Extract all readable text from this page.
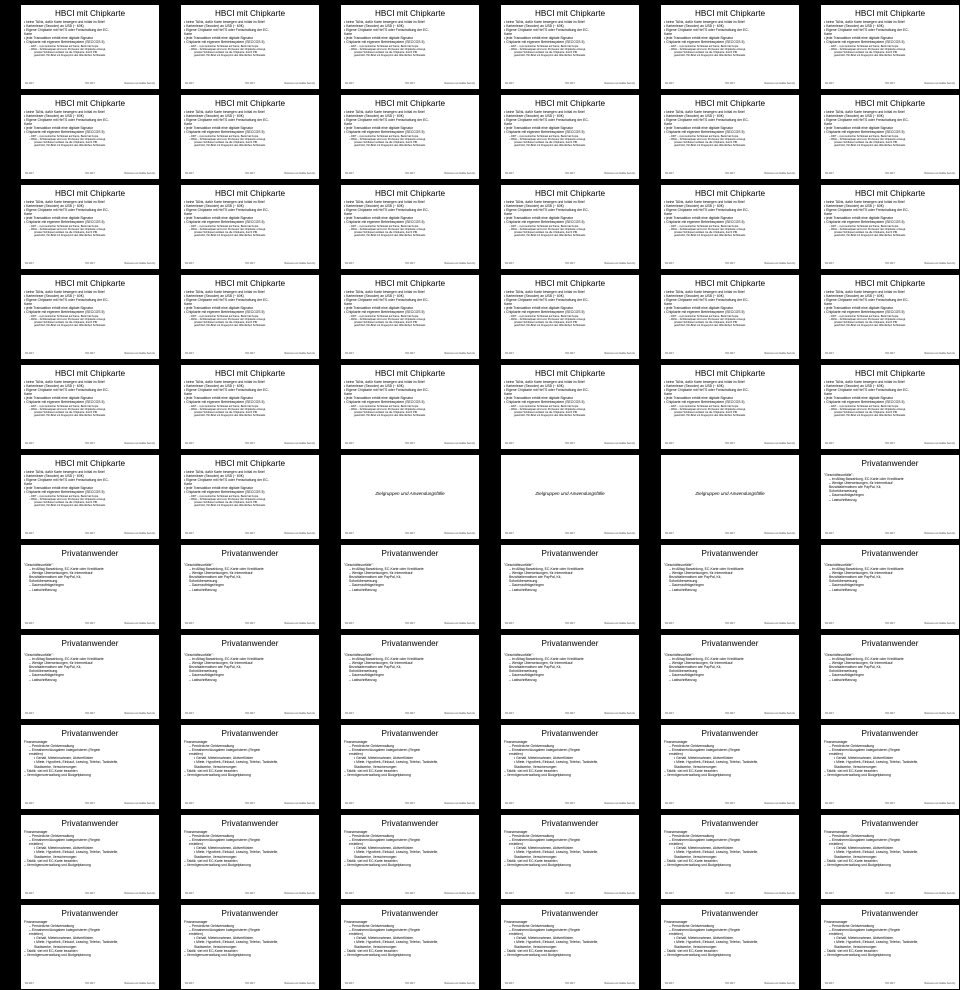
HBCI mit Chipkarte
• keine TANs, dafür Karte bewegen und Initial im Brief
• Kartenleser (Secoder) an USB (~ 60€)
• Eigene Chipkarte mit HeTS oder Freischaltung der EC-
Karte
• jede Transaktion erhält eine digitale Signatur
• Chipkarte mit eigenem Betriebssystem (SECCOS 5)
– DDT – symmetrischer Schlüssel auf Karte, Bank hat Kopie
– RDH – Schlüsselpaar wird vom Prozessor der Chipkarte erzeugt,
privater Schlüssel verlässt nie die Chipkarte, durch PIN
geschützt, INI-Brief mit Fingerprint des öffentlichen Schlüssels
SS 2017	HCI 2017	Business und Usable Security
HBCI mit Chipkarte
• keine TANs, dafür Karte bewegen und Initial im Brief
• Kartenleser (Secoder) an USB (~ 60€)
• Eigene Chipkarte mit HeTS oder Freischaltung der EC-
Karte
• jede Transaktion erhält eine digitale Signatur
• Chipkarte mit eigenem Betriebssystem (SECCOS 5)
– DDT – symmetrischer Schlüssel auf Karte, Bank hat Kopie
– RDH – Schlüsselpaar wird vom Prozessor der Chipkarte erzeugt,
privater Schlüssel verlässt nie die Chipkarte, durch PIN
geschützt, INI-Brief mit Fingerprint des öffentlichen Schlüssels
SS 2017	HCI 2017	Business und Usable Security
HBCI mit Chipkarte
• keine TANs, dafür Karte bewegen und Initial im Brief
• Kartenleser (Secoder) an USB (~ 60€)
• Eigene Chipkarte mit HeTS oder Freischaltung der EC-
Karte
• jede Transaktion erhält eine digitale Signatur
• Chipkarte mit eigenem Betriebssystem (SECCOS 5)
– DDT – symmetrischer Schlüssel auf Karte, Bank hat Kopie
– RDH – Schlüsselpaar wird vom Prozessor der Chipkarte erzeugt,
privater Schlüssel verlässt nie die Chipkarte, durch PIN
geschützt, INI-Brief mit Fingerprint des öffentlichen Schlüssels
SS 2017	HCI 2017	Business und Usable Security
HBCI mit Chipkarte
• keine TANs, dafür Karte bewegen und Initial im Brief
• Kartenleser (Secoder) an USB (~ 60€)
• Eigene Chipkarte mit HeTS oder Freischaltung der EC-
Karte
• jede Transaktion erhält eine digitale Signatur
• Chipkarte mit eigenem Betriebssystem (SECCOS 5)
– DDT – symmetrischer Schlüssel auf Karte, Bank hat Kopie
– RDH – Schlüsselpaar wird vom Prozessor der Chipkarte erzeugt,
privater Schlüssel verlässt nie die Chipkarte, durch PIN
geschützt, INI-Brief mit Fingerprint des öffentlichen Schlüssels
SS 2017	HCI 2017	Business und Usable Security
HBCI mit Chipkarte
• keine TANs, dafür Karte bewegen und Initial im Brief
• Kartenleser (Secoder) an USB (~ 60€)
• Eigene Chipkarte mit HeTS oder Freischaltung der EC-
Karte
• jede Transaktion erhält eine digitale Signatur
• Chipkarte mit eigenem Betriebssystem (SECCOS 5)
– DDT – symmetrischer Schlüssel auf Karte, Bank hat Kopie
– RDH – Schlüsselpaar wird vom Prozessor der Chipkarte erzeugt,
privater Schlüssel verlässt nie die Chipkarte, durch PIN
geschützt, INI-Brief mit Fingerprint des öffentlichen Schlüssels
SS 2017	HCI 2017	Business und Usable Security
HBCI mit Chipkarte
• keine TANs, dafür Karte bewegen und Initial im Brief
• Kartenleser (Secoder) an USB (~ 60€)
• Eigene Chipkarte mit HeTS oder Freischaltung der EC-
Karte
• jede Transaktion erhält eine digitale Signatur
• Chipkarte mit eigenem Betriebssystem (SECCOS 5)
– DDT – symmetrischer Schlüssel auf Karte, Bank hat Kopie
– RDH – Schlüsselpaar wird vom Prozessor der Chipkarte erzeugt,
privater Schlüssel verlässt nie die Chipkarte, durch PIN
geschützt, INI-Brief mit Fingerprint des öffentlichen Schlüssels
SS 2017	HCI 2017	Business und Usable Security
HBCI mit Chipkarte
• keine TANs, dafür Karte bewegen und Initial im Brief
• Kartenleser (Secoder) an USB (~ 60€)
• Eigene Chipkarte mit HeTS oder Freischaltung der EC-
Karte
• jede Transaktion erhält eine digitale Signatur
• Chipkarte mit eigenem Betriebssystem (SECCOS 5)
– DDT – symmetrischer Schlüssel auf Karte, Bank hat Kopie
– RDH – Schlüsselpaar wird vom Prozessor der Chipkarte erzeugt,
privater Schlüssel verlässt nie die Chipkarte, durch PIN
geschützt, INI-Brief mit Fingerprint des öffentlichen Schlüssels
SS 2017	HCI 2017	Business und Usable Security
HBCI mit Chipkarte
• keine TANs, dafür Karte bewegen und Initial im Brief
• Kartenleser (Secoder) an USB (~ 60€)
• Eigene Chipkarte mit HeTS oder Freischaltung der EC-
Karte
• jede Transaktion erhält eine digitale Signatur
• Chipkarte mit eigenem Betriebssystem (SECCOS 5)
– DDT – symmetrischer Schlüssel auf Karte, Bank hat Kopie
– RDH – Schlüsselpaar wird vom Prozessor der Chipkarte erzeugt,
privater Schlüssel verlässt nie die Chipkarte, durch PIN
geschützt, INI-Brief mit Fingerprint des öffentlichen Schlüssels
SS 2017	HCI 2017	Business und Usable Security
HBCI mit Chipkarte
• keine TANs, dafür Karte bewegen und Initial im Brief
• Kartenleser (Secoder) an USB (~ 60€)
• Eigene Chipkarte mit HeTS oder Freischaltung der EC-
Karte
• jede Transaktion erhält eine digitale Signatur
• Chipkarte mit eigenem Betriebssystem (SECCOS 5)
– DDT – symmetrischer Schlüssel auf Karte, Bank hat Kopie
– RDH – Schlüsselpaar wird vom Prozessor der Chipkarte erzeugt,
privater Schlüssel verlässt nie die Chipkarte, durch PIN
geschützt, INI-Brief mit Fingerprint des öffentlichen Schlüssels
SS 2017	HCI 2017	Business und Usable Security
HBCI mit Chipkarte
• keine TANs, dafür Karte bewegen und Initial im Brief
• Kartenleser (Secoder) an USB (~ 60€)
• Eigene Chipkarte mit HeTS oder Freischaltung der EC-
Karte
• jede Transaktion erhält eine digitale Signatur
• Chipkarte mit eigenem Betriebssystem (SECCOS 5)
– DDT – symmetrischer Schlüssel auf Karte, Bank hat Kopie
– RDH – Schlüsselpaar wird vom Prozessor der Chipkarte erzeugt,
privater Schlüssel verlässt nie die Chipkarte, durch PIN
geschützt, INI-Brief mit Fingerprint des öffentlichen Schlüssels
SS 2017	HCI 2017	Business und Usable Security
HBCI mit Chipkarte
• keine TANs, dafür Karte bewegen und Initial im Brief
• Kartenleser (Secoder) an USB (~ 60€)
• Eigene Chipkarte mit HeTS oder Freischaltung der EC-
Karte
• jede Transaktion erhält eine digitale Signatur
• Chipkarte mit eigenem Betriebssystem (SECCOS 5)
– DDT – symmetrischer Schlüssel auf Karte, Bank hat Kopie
– RDH – Schlüsselpaar wird vom Prozessor der Chipkarte erzeugt,
privater Schlüssel verlässt nie die Chipkarte, durch PIN
geschützt, INI-Brief mit Fingerprint des öffentlichen Schlüssels
SS 2017	HCI 2017	Business und Usable Security
HBCI mit Chipkarte
• keine TANs, dafür Karte bewegen und Initial im Brief
• Kartenleser (Secoder) an USB (~ 60€)
• Eigene Chipkarte mit HeTS oder Freischaltung der EC-
Karte
• jede Transaktion erhält eine digitale Signatur
• Chipkarte mit eigenem Betriebssystem (SECCOS 5)
– DDT – symmetrischer Schlüssel auf Karte, Bank hat Kopie
– RDH – Schlüsselpaar wird vom Prozessor der Chipkarte erzeugt,
privater Schlüssel verlässt nie die Chipkarte, durch PIN
geschützt, INI-Brief mit Fingerprint des öffentlichen Schlüssels
SS 2017	HCI 2017	Business und Usable Security
HBCI mit Chipkarte
• keine TANs, dafür Karte bewegen und Initial im Brief
• Kartenleser (Secoder) an USB (~ 60€)
• Eigene Chipkarte mit HeTS oder Freischaltung der EC-
Karte
• jede Transaktion erhält eine digitale Signatur
• Chipkarte mit eigenem Betriebssystem (SECCOS 5)
– DDT – symmetrischer Schlüssel auf Karte, Bank hat Kopie
– RDH – Schlüsselpaar wird vom Prozessor der Chipkarte erzeugt,
privater Schlüssel verlässt nie die Chipkarte, durch PIN
geschützt, INI-Brief mit Fingerprint des öffentlichen Schlüssels
SS 2017	HCI 2017	Business und Usable Security
HBCI mit Chipkarte
• keine TANs, dafür Karte bewegen und Initial im Brief
• Kartenleser (Secoder) an USB (~ 60€)
• Eigene Chipkarte mit HeTS oder Freischaltung der EC-
Karte
• jede Transaktion erhält eine digitale Signatur
• Chipkarte mit eigenem Betriebssystem (SECCOS 5)
– DDT – symmetrischer Schlüssel auf Karte, Bank hat Kopie
– RDH – Schlüsselpaar wird vom Prozessor der Chipkarte erzeugt,
privater Schlüssel verlässt nie die Chipkarte, durch PIN
geschützt, INI-Brief mit Fingerprint des öffentlichen Schlüssels
SS 2017	HCI 2017	Business und Usable Security
HBCI mit Chipkarte
• keine TANs, dafür Karte bewegen und Initial im Brief
• Kartenleser (Secoder) an USB (~ 60€)
• Eigene Chipkarte mit HeTS oder Freischaltung der EC-
Karte
• jede Transaktion erhält eine digitale Signatur
• Chipkarte mit eigenem Betriebssystem (SECCOS 5)
– DDT – symmetrischer Schlüssel auf Karte, Bank hat Kopie
– RDH – Schlüsselpaar wird vom Prozessor der Chipkarte erzeugt,
privater Schlüssel verlässt nie die Chipkarte, durch PIN
geschützt, INI-Brief mit Fingerprint des öffentlichen Schlüssels
SS 2017	HCI 2017	Business und Usable Security
HBCI mit Chipkarte
• keine TANs, dafür Karte bewegen und Initial im Brief
• Kartenleser (Secoder) an USB (~ 60€)
• Eigene Chipkarte mit HeTS oder Freischaltung der EC-
Karte
• jede Transaktion erhält eine digitale Signatur
• Chipkarte mit eigenem Betriebssystem (SECCOS 5)
– DDT – symmetrischer Schlüssel auf Karte, Bank hat Kopie
– RDH – Schlüsselpaar wird vom Prozessor der Chipkarte erzeugt,
privater Schlüssel verlässt nie die Chipkarte, durch PIN
geschützt, INI-Brief mit Fingerprint des öffentlichen Schlüssels
SS 2017	HCI 2017	Business und Usable Security
HBCI mit Chipkarte
• keine TANs, dafür Karte bewegen und Initial im Brief
• Kartenleser (Secoder) an USB (~ 60€)
• Eigene Chipkarte mit HeTS oder Freischaltung der EC-
Karte
• jede Transaktion erhält eine digitale Signatur
• Chipkarte mit eigenem Betriebssystem (SECCOS 5)
– DDT – symmetrischer Schlüssel auf Karte, Bank hat Kopie
– RDH – Schlüsselpaar wird vom Prozessor der Chipkarte erzeugt,
privater Schlüssel verlässt nie die Chipkarte, durch PIN
geschützt, INI-Brief mit Fingerprint des öffentlichen Schlüssels
SS 2017	HCI 2017	Business und Usable Security
HBCI mit Chipkarte
• keine TANs, dafür Karte bewegen und Initial im Brief
• Kartenleser (Secoder) an USB (~ 60€)
• Eigene Chipkarte mit HeTS oder Freischaltung der EC-
Karte
• jede Transaktion erhält eine digitale Signatur
• Chipkarte mit eigenem Betriebssystem (SECCOS 5)
– DDT – symmetrischer Schlüssel auf Karte, Bank hat Kopie
– RDH – Schlüsselpaar wird vom Prozessor der Chipkarte erzeugt,
privater Schlüssel verlässt nie die Chipkarte, durch PIN
geschützt, INI-Brief mit Fingerprint des öffentlichen Schlüssels
SS 2017	HCI 2017	Business und Usable Security
HBCI mit Chipkarte
• keine TANs, dafür Karte bewegen und Initial im Brief
• Kartenleser (Secoder) an USB (~ 60€)
• Eigene Chipkarte mit HeTS oder Freischaltung der EC-
Karte
• jede Transaktion erhält eine digitale Signatur
• Chipkarte mit eigenem Betriebssystem (SECCOS 5)
– DDT – symmetrischer Schlüssel auf Karte, Bank hat Kopie
– RDH – Schlüsselpaar wird vom Prozessor der Chipkarte erzeugt,
privater Schlüssel verlässt nie die Chipkarte, durch PIN
geschützt, INI-Brief mit Fingerprint des öffentlichen Schlüssels
SS 2017	HCI 2017	Business und Usable Security
HBCI mit Chipkarte
• keine TANs, dafür Karte bewegen und Initial im Brief
• Kartenleser (Secoder) an USB (~ 60€)
• Eigene Chipkarte mit HeTS oder Freischaltung der EC-
Karte
• jede Transaktion erhält eine digitale Signatur
• Chipkarte mit eigenem Betriebssystem (SECCOS 5)
– DDT – symmetrischer Schlüssel auf Karte, Bank hat Kopie
– RDH – Schlüsselpaar wird vom Prozessor der Chipkarte erzeugt,
privater Schlüssel verlässt nie die Chipkarte, durch PIN
geschützt, INI-Brief mit Fingerprint des öffentlichen Schlüssels
SS 2017	HCI 2017	Business und Usable Security
HBCI mit Chipkarte
• keine TANs, dafür Karte bewegen und Initial im Brief
• Kartenleser (Secoder) an USB (~ 60€)
• Eigene Chipkarte mit HeTS oder Freischaltung der EC-
Karte
• jede Transaktion erhält eine digitale Signatur
• Chipkarte mit eigenem Betriebssystem (SECCOS 5)
– DDT – symmetrischer Schlüssel auf Karte, Bank hat Kopie
– RDH – Schlüsselpaar wird vom Prozessor der Chipkarte erzeugt,
privater Schlüssel verlässt nie die Chipkarte, durch PIN
geschützt, INI-Brief mit Fingerprint des öffentlichen Schlüssels
SS 2017	HCI 2017	Business und Usable Security
HBCI mit Chipkarte
• keine TANs, dafür Karte bewegen und Initial im Brief
• Kartenleser (Secoder) an USB (~ 60€)
• Eigene Chipkarte mit HeTS oder Freischaltung der EC-
Karte
• jede Transaktion erhält eine digitale Signatur
• Chipkarte mit eigenem Betriebssystem (SECCOS 5)
– DDT – symmetrischer Schlüssel auf Karte, Bank hat Kopie
– RDH – Schlüsselpaar wird vom Prozessor der Chipkarte erzeugt,
privater Schlüssel verlässt nie die Chipkarte, durch PIN
geschützt, INI-Brief mit Fingerprint des öffentlichen Schlüssels
SS 2017	HCI 2017	Business und Usable Security
HBCI mit Chipkarte
• keine TANs, dafür Karte bewegen und Initial im Brief
• Kartenleser (Secoder) an USB (~ 60€)
• Eigene Chipkarte mit HeTS oder Freischaltung der EC-
Karte
• jede Transaktion erhält eine digitale Signatur
• Chipkarte mit eigenem Betriebssystem (SECCOS 5)
– DDT – symmetrischer Schlüssel auf Karte, Bank hat Kopie
– RDH – Schlüsselpaar wird vom Prozessor der Chipkarte erzeugt,
privater Schlüssel verlässt nie die Chipkarte, durch PIN
geschützt, INI-Brief mit Fingerprint des öffentlichen Schlüssels
SS 2017	HCI 2017	Business und Usable Security
HBCI mit Chipkarte
• keine TANs, dafür Karte bewegen und Initial im Brief
• Kartenleser (Secoder) an USB (~ 60€)
• Eigene Chipkarte mit HeTS oder Freischaltung der EC-
Karte
• jede Transaktion erhält eine digitale Signatur
• Chipkarte mit eigenem Betriebssystem (SECCOS 5)
– DDT – symmetrischer Schlüssel auf Karte, Bank hat Kopie
– RDH – Schlüsselpaar wird vom Prozessor der Chipkarte erzeugt,
privater Schlüssel verlässt nie die Chipkarte, durch PIN
geschützt, INI-Brief mit Fingerprint des öffentlichen Schlüssels
SS 2017	HCI 2017	Business und Usable Security
HBCI mit Chipkarte
• keine TANs, dafür Karte bewegen und Initial im Brief
• Kartenleser (Secoder) an USB (~ 60€)
• Eigene Chipkarte mit HeTS oder Freischaltung der EC-
Karte
• jede Transaktion erhält eine digitale Signatur
• Chipkarte mit eigenem Betriebssystem (SECCOS 5)
– DDT – symmetrischer Schlüssel auf Karte, Bank hat Kopie
– RDH – Schlüsselpaar wird vom Prozessor der Chipkarte erzeugt,
privater Schlüssel verlässt nie die Chipkarte, durch PIN
geschützt, INI-Brief mit Fingerprint des öffentlichen Schlüssels
SS 2017	HCI 2017	Business und Usable Security
HBCI mit Chipkarte
• keine TANs, dafür Karte bewegen und Initial im Brief
• Kartenleser (Secoder) an USB (~ 60€)
• Eigene Chipkarte mit HeTS oder Freischaltung der EC-
Karte
• jede Transaktion erhält eine digitale Signatur
• Chipkarte mit eigenem Betriebssystem (SECCOS 5)
– DDT – symmetrischer Schlüssel auf Karte, Bank hat Kopie
– RDH – Schlüsselpaar wird vom Prozessor der Chipkarte erzeugt,
privater Schlüssel verlässt nie die Chipkarte, durch PIN
geschützt, INI-Brief mit Fingerprint des öffentlichen Schlüssels
SS 2017	HCI 2017	Business und Usable Security
HBCI mit Chipkarte
• keine TANs, dafür Karte bewegen und Initial im Brief
• Kartenleser (Secoder) an USB (~ 60€)
• Eigene Chipkarte mit HeTS oder Freischaltung der EC-
Karte
• jede Transaktion erhält eine digitale Signatur
• Chipkarte mit eigenem Betriebssystem (SECCOS 5)
– DDT – symmetrischer Schlüssel auf Karte, Bank hat Kopie
– RDH – Schlüsselpaar wird vom Prozessor der Chipkarte erzeugt,
privater Schlüssel verlässt nie die Chipkarte, durch PIN
geschützt, INI-Brief mit Fingerprint des öffentlichen Schlüssels
SS 2017	HCI 2017	Business und Usable Security
HBCI mit Chipkarte
• keine TANs, dafür Karte bewegen und Initial im Brief
• Kartenleser (Secoder) an USB (~ 60€)
• Eigene Chipkarte mit HeTS oder Freischaltung der EC-
Karte
• jede Transaktion erhält eine digitale Signatur
• Chipkarte mit eigenem Betriebssystem (SECCOS 5)
– DDT – symmetrischer Schlüssel auf Karte, Bank hat Kopie
– RDH – Schlüsselpaar wird vom Prozessor der Chipkarte erzeugt,
privater Schlüssel verlässt nie die Chipkarte, durch PIN
geschützt, INI-Brief mit Fingerprint des öffentlichen Schlüssels
SS 2017	HCI 2017	Business und Usable Security
HBCI mit Chipkarte
• keine TANs, dafür Karte bewegen und Initial im Brief
• Kartenleser (Secoder) an USB (~ 60€)
• Eigene Chipkarte mit HeTS oder Freischaltung der EC-
Karte
• jede Transaktion erhält eine digitale Signatur
• Chipkarte mit eigenem Betriebssystem (SECCOS 5)
– DDT – symmetrischer Schlüssel auf Karte, Bank hat Kopie
– RDH – Schlüsselpaar wird vom Prozessor der Chipkarte erzeugt,
privater Schlüssel verlässt nie die Chipkarte, durch PIN
geschützt, INI-Brief mit Fingerprint des öffentlichen Schlüssels
SS 2017	HCI 2017	Business und Usable Security
HBCI mit Chipkarte
• keine TANs, dafür Karte bewegen und Initial im Brief
• Kartenleser (Secoder) an USB (~ 60€)
• Eigene Chipkarte mit HeTS oder Freischaltung der EC-
Karte
• jede Transaktion erhält eine digitale Signatur
• Chipkarte mit eigenem Betriebssystem (SECCOS 5)
– DDT – symmetrischer Schlüssel auf Karte, Bank hat Kopie
– RDH – Schlüsselpaar wird vom Prozessor der Chipkarte erzeugt,
privater Schlüssel verlässt nie die Chipkarte, durch PIN
geschützt, INI-Brief mit Fingerprint des öffentlichen Schlüssels
SS 2017	HCI 2017	Business und Usable Security
HBCI mit Chipkarte
• keine TANs, dafür Karte bewegen und Initial im Brief
• Kartenleser (Secoder) an USB (~ 60€)
• Eigene Chipkarte mit HeTS oder Freischaltung der EC-
Karte
• jede Transaktion erhält eine digitale Signatur
• Chipkarte mit eigenem Betriebssystem (SECCOS 5)
– DDT – symmetrischer Schlüssel auf Karte, Bank hat Kopie
– RDH – Schlüsselpaar wird vom Prozessor der Chipkarte erzeugt,
privater Schlüssel verlässt nie die Chipkarte, durch PIN
geschützt, INI-Brief mit Fingerprint des öffentlichen Schlüssels
SS 2017	HCI 2017	Business und Usable Security
HBCI mit Chipkarte
• keine TANs, dafür Karte bewegen und Initial im Brief
• Kartenleser (Secoder) an USB (~ 60€)
• Eigene Chipkarte mit HeTS oder Freischaltung der EC-
Karte
• jede Transaktion erhält eine digitale Signatur
• Chipkarte mit eigenem Betriebssystem (SECCOS 5)
– DDT – symmetrischer Schlüssel auf Karte, Bank hat Kopie
– RDH – Schlüsselpaar wird vom Prozessor der Chipkarte erzeugt,
privater Schlüssel verlässt nie die Chipkarte, durch PIN
geschützt, INI-Brief mit Fingerprint des öffentlichen Schlüssels
SS 2017	HCI 2017	Business und Usable Security
Zielgruppen und Anwendungsfälle
SS 2017	HCI 2017	Business und Usable Security
Zielgruppen und Anwendungsfälle
SS 2017	HCI 2017	Business und Usable Security
Zielgruppen und Anwendungsfälle
SS 2017	HCI 2017	Business und Usable Security
Privatanwender
"Geschäftsvorfälle":
– im Alltag Barzahlung, EC-Karte oder Kreditkarte
– Wenige Überweisungen, für Internetkauf
Bezahlalternativen wie PayPal, Kk,
Sofortüberweisung
– Daueraufträge/ringen
– Lastschriftanzug
SS 2017	HCI 2017	Business und Usable Security
Privatanwender
"Geschäftsvorfälle":
– im Alltag Barzahlung, EC-Karte oder Kreditkarte
– Wenige Überweisungen, für Internetkauf
Bezahlalternativen wie PayPal, Kk,
Sofortüberweisung
– Daueraufträge/ringen
– Lastschriftanzug
SS 2017	HCI 2017	Business und Usable Security
Privatanwender
"Geschäftsvorfälle":
– im Alltag Barzahlung, EC-Karte oder Kreditkarte
– Wenige Überweisungen, für Internetkauf
Bezahlalternativen wie PayPal, Kk,
Sofortüberweisung
– Daueraufträge/ringen
– Lastschriftanzug
SS 2017	HCI 2017	Business und Usable Security
Privatanwender
"Geschäftsvorfälle":
– im Alltag Barzahlung, EC-Karte oder Kreditkarte
– Wenige Überweisungen, für Internetkauf
Bezahlalternativen wie PayPal, Kk,
Sofortüberweisung
– Daueraufträge/ringen
– Lastschriftanzug
SS 2017	HCI 2017	Business und Usable Security
Privatanwender
"Geschäftsvorfälle":
– im Alltag Barzahlung, EC-Karte oder Kreditkarte
– Wenige Überweisungen, für Internetkauf
Bezahlalternativen wie PayPal, Kk,
Sofortüberweisung
– Daueraufträge/ringen
– Lastschriftanzug
SS 2017	HCI 2017	Business und Usable Security
Privatanwender
"Geschäftsvorfälle":
– im Alltag Barzahlung, EC-Karte oder Kreditkarte
– Wenige Überweisungen, für Internetkauf
Bezahlalternativen wie PayPal, Kk,
Sofortüberweisung
– Daueraufträge/ringen
– Lastschriftanzug
SS 2017	HCI 2017	Business und Usable Security
Privatanwender
"Geschäftsvorfälle":
– im Alltag Barzahlung, EC-Karte oder Kreditkarte
– Wenige Überweisungen, für Internetkauf
Bezahlalternativen wie PayPal, Kk,
Sofortüberweisung
– Daueraufträge/ringen
– Lastschriftanzug
SS 2017	HCI 2017	Business und Usable Security
Privatanwender
"Geschäftsvorfälle":
– im Alltag Barzahlung, EC-Karte oder Kreditkarte
– Wenige Überweisungen, für Internetkauf
Bezahlalternativen wie PayPal, Kk,
Sofortüberweisung
– Daueraufträge/ringen
– Lastschriftanzug
SS 2017	HCI 2017	Business und Usable Security
Privatanwender
"Geschäftsvorfälle":
– im Alltag Barzahlung, EC-Karte oder Kreditkarte
– Wenige Überweisungen, für Internetkauf
Bezahlalternativen wie PayPal, Kk,
Sofortüberweisung
– Daueraufträge/ringen
– Lastschriftanzug
SS 2017	HCI 2017	Business und Usable Security
Privatanwender
"Geschäftsvorfälle":
– im Alltag Barzahlung, EC-Karte oder Kreditkarte
– Wenige Überweisungen, für Internetkauf
Bezahlalternativen wie PayPal, Kk,
Sofortüberweisung
– Daueraufträge/ringen
– Lastschriftanzug
SS 2017	HCI 2017	Business und Usable Security
Privatanwender
"Geschäftsvorfälle":
– im Alltag Barzahlung, EC-Karte oder Kreditkarte
– Wenige Überweisungen, für Internetkauf
Bezahlalternativen wie PayPal, Kk,
Sofortüberweisung
– Daueraufträge/ringen
– Lastschriftanzug
SS 2017	HCI 2017	Business und Usable Security
Privatanwender
"Geschäftsvorfälle":
– im Alltag Barzahlung, EC-Karte oder Kreditkarte
– Wenige Überweisungen, für Internetkauf
Bezahlalternativen wie PayPal, Kk,
Sofortüberweisung
– Daueraufträge/ringen
– Lastschriftanzug
SS 2017	HCI 2017	Business und Usable Security
Privatanwender
"Geschäftsvorfälle":
– im Alltag Barzahlung, EC-Karte oder Kreditkarte
– Wenige Überweisungen, für Internetkauf
Bezahlalternativen wie PayPal, Kk,
Sofortüberweisung
– Daueraufträge/ringen
– Lastschriftanzug
SS 2017	HCI 2017	Business und Usable Security
Privatanwender
Finanzmanager
– Persönliche Geldverwaltung
– Einnahmen/Ausgaben kategorisieren (Regeln
erstellen)
• Gehalt, Mieteinnahmen, Aktiverflösten
• Miete, Hypothek, Einkauf, Leasing, Telefon, Tankstelle,
Stadtwerke, Versicherungen
– Taktik: viel mit EC-Karte bezahlen
– Vermögensverwaltung und Budgetplanung
SS 2017	HCI 2017	Business und Usable Security
Privatanwender
Finanzmanager
– Persönliche Geldverwaltung
– Einnahmen/Ausgaben kategorisieren (Regeln
erstellen)
• Gehalt, Mieteinnahmen, Aktiverflösten
• Miete, Hypothek, Einkauf, Leasing, Telefon, Tankstelle,
Stadtwerke, Versicherungen
– Taktik: viel mit EC-Karte bezahlen
– Vermögensverwaltung und Budgetplanung
SS 2017	HCI 2017	Business und Usable Security
Privatanwender
Finanzmanager
– Persönliche Geldverwaltung
– Einnahmen/Ausgaben kategorisieren (Regeln
erstellen)
• Gehalt, Mieteinnahmen, Aktiverflösten
• Miete, Hypothek, Einkauf, Leasing, Telefon, Tankstelle,
Stadtwerke, Versicherungen
– Taktik: viel mit EC-Karte bezahlen
– Vermögensverwaltung und Budgetplanung
SS 2017	HCI 2017	Business und Usable Security
Privatanwender
Finanzmanager
– Persönliche Geldverwaltung
– Einnahmen/Ausgaben kategorisieren (Regeln
erstellen)
• Gehalt, Mieteinnahmen, Aktiverflösten
• Miete, Hypothek, Einkauf, Leasing, Telefon, Tankstelle,
Stadtwerke, Versicherungen
– Taktik: viel mit EC-Karte bezahlen
– Vermögensverwaltung und Budgetplanung
SS 2017	HCI 2017	Business und Usable Security
Privatanwender
Finanzmanager
– Persönliche Geldverwaltung
– Einnahmen/Ausgaben kategorisieren (Regeln
erstellen)
• Gehalt, Mieteinnahmen, Aktiverflösten
• Miete, Hypothek, Einkauf, Leasing, Telefon, Tankstelle,
Stadtwerke, Versicherungen
– Taktik: viel mit EC-Karte bezahlen
– Vermögensverwaltung und Budgetplanung
SS 2017	HCI 2017	Business und Usable Security
Privatanwender
Finanzmanager
– Persönliche Geldverwaltung
– Einnahmen/Ausgaben kategorisieren (Regeln
erstellen)
• Gehalt, Mieteinnahmen, Aktiverflösten
• Miete, Hypothek, Einkauf, Leasing, Telefon, Tankstelle,
Stadtwerke, Versicherungen
– Taktik: viel mit EC-Karte bezahlen
– Vermögensverwaltung und Budgetplanung
SS 2017	HCI 2017	Business und Usable Security
Privatanwender
Finanzmanager
– Persönliche Geldverwaltung
– Einnahmen/Ausgaben kategorisieren (Regeln
erstellen)
• Gehalt, Mieteinnahmen, Aktiverflösten
• Miete, Hypothek, Einkauf, Leasing, Telefon, Tankstelle,
Stadtwerke, Versicherungen
– Taktik: viel mit EC-Karte bezahlen
– Vermögensverwaltung und Budgetplanung
SS 2017	HCI 2017	Business und Usable Security
Privatanwender
Finanzmanager
– Persönliche Geldverwaltung
– Einnahmen/Ausgaben kategorisieren (Regeln
erstellen)
• Gehalt, Mieteinnahmen, Aktiverflösten
• Miete, Hypothek, Einkauf, Leasing, Telefon, Tankstelle,
Stadtwerke, Versicherungen
– Taktik: viel mit EC-Karte bezahlen
– Vermögensverwaltung und Budgetplanung
SS 2017	HCI 2017	Business und Usable Security
Privatanwender
Finanzmanager
– Persönliche Geldverwaltung
– Einnahmen/Ausgaben kategorisieren (Regeln
erstellen)
• Gehalt, Mieteinnahmen, Aktiverflösten
• Miete, Hypothek, Einkauf, Leasing, Telefon, Tankstelle,
Stadtwerke, Versicherungen
– Taktik: viel mit EC-Karte bezahlen
– Vermögensverwaltung und Budgetplanung
SS 2017	HCI 2017	Business und Usable Security
Privatanwender
Finanzmanager
– Persönliche Geldverwaltung
– Einnahmen/Ausgaben kategorisieren (Regeln
erstellen)
• Gehalt, Mieteinnahmen, Aktiverflösten
• Miete, Hypothek, Einkauf, Leasing, Telefon, Tankstelle,
Stadtwerke, Versicherungen
– Taktik: viel mit EC-Karte bezahlen
– Vermögensverwaltung und Budgetplanung
SS 2017	HCI 2017	Business und Usable Security
Privatanwender
Finanzmanager
– Persönliche Geldverwaltung
– Einnahmen/Ausgaben kategorisieren (Regeln
erstellen)
• Gehalt, Mieteinnahmen, Aktiverflösten
• Miete, Hypothek, Einkauf, Leasing, Telefon, Tankstelle,
Stadtwerke, Versicherungen
– Taktik: viel mit EC-Karte bezahlen
– Vermögensverwaltung und Budgetplanung
SS 2017	HCI 2017	Business und Usable Security
Privatanwender
Finanzmanager
– Persönliche Geldverwaltung
– Einnahmen/Ausgaben kategorisieren (Regeln
erstellen)
• Gehalt, Mieteinnahmen, Aktiverflösten
• Miete, Hypothek, Einkauf, Leasing, Telefon, Tankstelle,
Stadtwerke, Versicherungen
– Taktik: viel mit EC-Karte bezahlen
– Vermögensverwaltung und Budgetplanung
SS 2017	HCI 2017	Business und Usable Security
Privatanwender
Finanzmanager
– Persönliche Geldverwaltung
– Einnahmen/Ausgaben kategorisieren (Regeln
erstellen)
• Gehalt, Mieteinnahmen, Aktiverflösten
• Miete, Hypothek, Einkauf, Leasing, Telefon, Tankstelle,
Stadtwerke, Versicherungen
– Taktik: viel mit EC-Karte bezahlen
– Vermögensverwaltung und Budgetplanung
SS 2017	HCI 2017	Business und Usable Security
Privatanwender
Finanzmanager
– Persönliche Geldverwaltung
– Einnahmen/Ausgaben kategorisieren (Regeln
erstellen)
• Gehalt, Mieteinnahmen, Aktiverflösten
• Miete, Hypothek, Einkauf, Leasing, Telefon, Tankstelle,
Stadtwerke, Versicherungen
– Taktik: viel mit EC-Karte bezahlen
– Vermögensverwaltung und Budgetplanung
SS 2017	HCI 2017	Business und Usable Security
Privatanwender
Finanzmanager
– Persönliche Geldverwaltung
– Einnahmen/Ausgaben kategorisieren (Regeln
erstellen)
• Gehalt, Mieteinnahmen, Aktiverflösten
• Miete, Hypothek, Einkauf, Leasing, Telefon, Tankstelle,
Stadtwerke, Versicherungen
– Taktik: viel mit EC-Karte bezahlen
– Vermögensverwaltung und Budgetplanung
SS 2017	HCI 2017	Business und Usable Security
Privatanwender
Finanzmanager
– Persönliche Geldverwaltung
– Einnahmen/Ausgaben kategorisieren (Regeln
erstellen)
• Gehalt, Mieteinnahmen, Aktiverflösten
• Miete, Hypothek, Einkauf, Leasing, Telefon, Tankstelle,
Stadtwerke, Versicherungen
– Taktik: viel mit EC-Karte bezahlen
– Vermögensverwaltung und Budgetplanung
SS 2017	HCI 2017	Business und Usable Security
Privatanwender
Finanzmanager
– Persönliche Geldverwaltung
– Einnahmen/Ausgaben kategorisieren (Regeln
erstellen)
• Gehalt, Mieteinnahmen, Aktiverflösten
• Miete, Hypothek, Einkauf, Leasing, Telefon, Tankstelle,
Stadtwerke, Versicherungen
– Taktik: viel mit EC-Karte bezahlen
– Vermögensverwaltung und Budgetplanung
SS 2017	HCI 2017	Business und Usable Security
Privatanwender
Finanzmanager
– Persönliche Geldverwaltung
– Einnahmen/Ausgaben kategorisieren (Regeln
erstellen)
• Gehalt, Mieteinnahmen, Aktiverflösten
• Miete, Hypothek, Einkauf, Leasing, Telefon, Tankstelle,
Stadtwerke, Versicherungen
– Taktik: viel mit EC-Karte bezahlen
– Vermögensverwaltung und Budgetplanung
SS 2017	HCI 2017	Business und Usable Security
